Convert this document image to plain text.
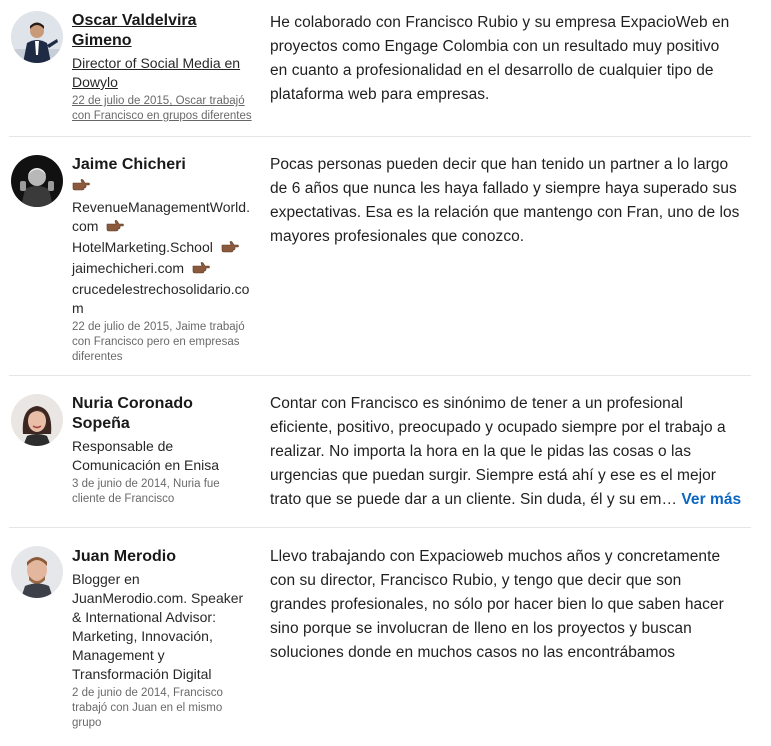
Oscar Valdelvira Gimeno
Director of Social Media en Dowylo
22 de julio de 2015, Oscar trabajó con Francisco en grupos diferentes
He colaborado con Francisco Rubio y su empresa ExpacioWeb en
proyectos como Engage Colombia con un resultado muy positivo
en cuanto a profesionalidad en el desarrollo de cualquier tipo de
plataforma web para empresas.
Jaime Chicheri
RevenueManagementWorld.
com  HotelMarketing.School
jaimechicheri.com
crucedelestrechosolidario.co
m
22 de julio de 2015, Jaime trabajó con Francisco pero en empresas diferentes
Pocas personas pueden decir que han tenido un partner a lo largo
de 6 años que nunca les haya fallado y siempre haya superado sus
expectativas. Esa es la relación que mantengo con Fran, uno de los
mayores profesionales que conozco.
Nuria Coronado Sopeña
Responsable de Comunicación en Enisa
3 de junio de 2014, Nuria fue cliente de Francisco
Contar con Francisco es sinónimo de tener a un profesional
eficiente, positivo, preocupado y ocupado siempre por el trabajo a
realizar. No importa la hora en la que le pidas las cosas o las
urgencias que puedan surgir. Siempre está ahí y ese es el mejor
trato que se puede dar a un cliente. Sin duda, él y su em… Ver más
Juan Merodio
Blogger en JuanMerodio.com. Speaker & International Advisor: Marketing, Innovación, Management y Transformación Digital
2 de junio de 2014, Francisco trabajó con Juan en el mismo grupo
Llevo trabajando con Expacioweb muchos años y concretamente
con su director, Francisco Rubio, y tengo que decir que son
grandes profesionales, no sólo por hacer bien lo que saben hacer
sino porque se involucran de lleno en los proyectos y buscan
soluciones donde en muchos casos no las encontrábamos
